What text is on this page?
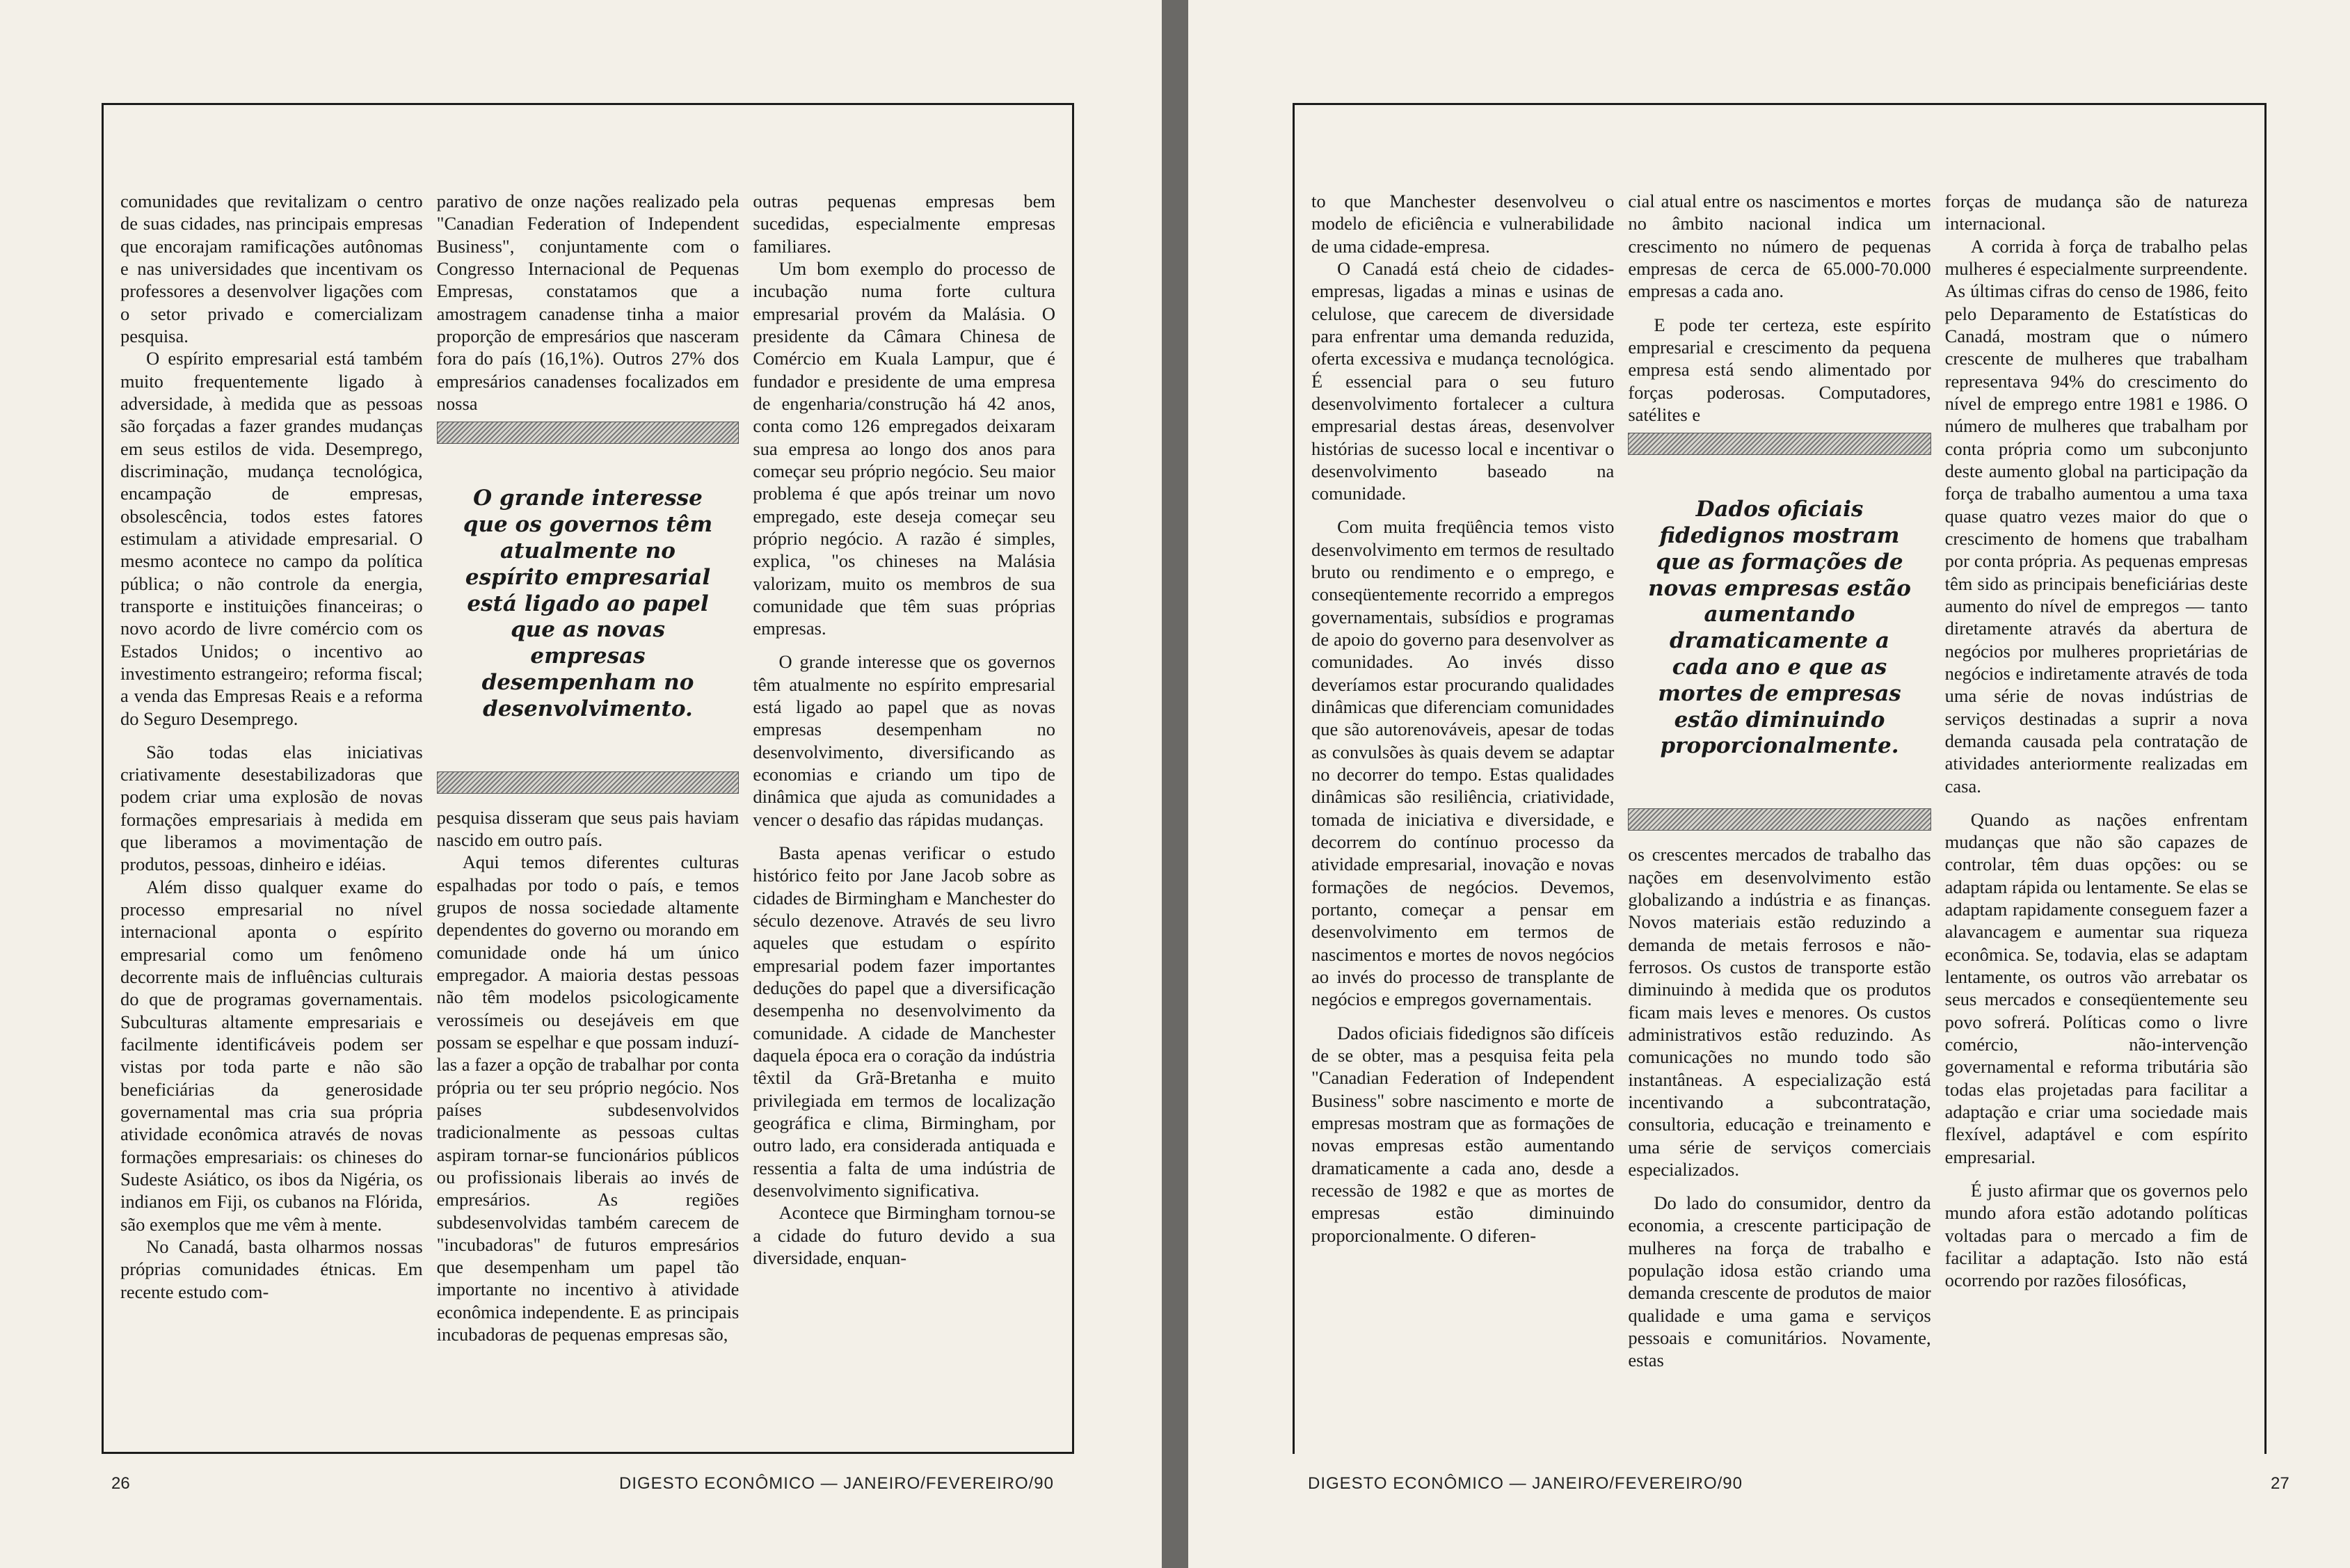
comunidades que revitalizam o centro de suas cidades, nas principais empresas que encorajam ramificações autônomas e nas universidades que incentivam os professores a desenvolver ligações com o setor privado e comercializam pesquisa.

O espírito empresarial está também muito frequentemente ligado à adversidade, à medida que as pessoas são forçadas a fazer grandes mudanças em seus estilos de vida. Desemprego, discriminação, mudança tecnológica, encampação de empresas, obsolescência, todos estes fatores estimulam a atividade empresarial. O mesmo acontece no campo da política pública; o não controle da energia, transporte e instituições financeiras; o novo acordo de livre comércio com os Estados Unidos; o incentivo ao investimento estrangeiro; reforma fiscal; a venda das Empresas Reais e a reforma do Seguro Desemprego.

São todas elas iniciativas criativamente desestabilizadoras que podem criar uma explosão de novas formações empresariais à medida em que liberamos a movimentação de produtos, pessoas, dinheiro e idéias.

Além disso qualquer exame do processo empresarial no nível internacional aponta o espírito empresarial como um fenômeno decorrente mais de influências culturais do que de programas governamentais. Subculturas altamente empresariais e facilmente identificáveis podem ser vistas por toda parte e não são beneficiárias da generosidade governamental mas cria sua própria atividade econômica através de novas formações empresariais: os chineses do Sudeste Asiático, os ibos da Nigéria, os indianos em Fiji, os cubanos na Flórida, são exemplos que me vêm à mente.

No Canadá, basta olharmos nossas próprias comunidades étnicas. Em recente estudo com-

parativo de onze nações realizado pela "Canadian Federation of Independent Business", conjuntamente com o Congresso Internacional de Pequenas Empresas, constatamos que a amostragem canadense tinha a maior proporção de empresários que nasceram fora do país (16,1%). Outros 27% dos empresários canadenses focalizados em nossa

O grande interesse que os governos têm atualmente no espírito empresarial está ligado ao papel que as novas empresas desempenham no desenvolvimento.

pesquisa disseram que seus pais haviam nascido em outro país.

Aqui temos diferentes culturas espalhadas por todo o país, e temos grupos de nossa sociedade altamente dependentes do governo ou morando em comunidade onde há um único empregador. A maioria destas pessoas não têm modelos psicologicamente verossímeis ou desejáveis em que possam se espelhar e que possam induzí-las a fazer a opção de trabalhar por conta própria ou ter seu próprio negócio. Nos países subdesenvolvidos tradicionalmente as pessoas cultas aspiram tornar-se funcionários públicos ou profissionais liberais ao invés de empresários. As regiões subdesenvolvidas também carecem de "incubadoras" de futuros empresários que desempenham um papel tão importante no incentivo à atividade econômica independente. E as principais incubadoras de pequenas empresas são,

outras pequenas empresas bem sucedidas, especialmente empresas familiares.

Um bom exemplo do processo de incubação numa forte cultura empresarial provém da Malásia. O presidente da Câmara Chinesa de Comércio em Kuala Lampur, que é fundador e presidente de uma empresa de engenharia/construção há 42 anos, conta como 126 empregados deixaram sua empresa ao longo dos anos para começar seu próprio negócio. Seu maior problema é que após treinar um novo empregado, este deseja começar seu próprio negócio. A razão é simples, explica, "os chineses na Malásia valorizam, muito os membros de sua comunidade que têm suas próprias empresas.

O grande interesse que os governos têm atualmente no espírito empresarial está ligado ao papel que as novas empresas desempenham no desenvolvimento, diversificando as economias e criando um tipo de dinâmica que ajuda as comunidades a vencer o desafio das rápidas mudanças.

Basta apenas verificar o estudo histórico feito por Jane Jacob sobre as cidades de Birmingham e Manchester do século dezenove. Através de seu livro aqueles que estudam o espírito empresarial podem fazer importantes deduções do papel que a diversificação desempenha no desenvolvimento da comunidade. A cidade de Manchester daquela época era o coração da indústria têxtil da Grã-Bretanha e muito privilegiada em termos de localização geográfica e clima, Birmingham, por outro lado, era considerada antiquada e ressentia a falta de uma indústria de desenvolvimento significativa.

Acontece que Birmingham tornou-se a cidade do futuro devido a sua diversidade, enquan-

26	DIGESTO ECONÔMICO — JANEIRO/FEVEREIRO/90

to que Manchester desenvolveu o modelo de eficiência e vulnerabilidade de uma cidade-empresa.

O Canadá está cheio de cidades-empresas, ligadas a minas e usinas de celulose, que carecem de diversidade para enfrentar uma demanda reduzida, oferta excessiva e mudança tecnológica. É essencial para o seu futuro desenvolvimento fortalecer a cultura empresarial destas áreas, desenvolver histórias de sucesso local e incentivar o desenvolvimento baseado na comunidade.

Com muita freqüência temos visto desenvolvimento em termos de resultado bruto ou rendimento e o emprego, e conseqüentemente recorrido a empregos governamentais, subsídios e programas de apoio do governo para desenvolver as comunidades. Ao invés disso deveríamos estar procurando qualidades dinâmicas que diferenciam comunidades que são autorenováveis, apesar de todas as convulsões às quais devem se adaptar no decorrer do tempo. Estas qualidades dinâmicas são resiliência, criatividade, tomada de iniciativa e diversidade, e decorrem do contínuo processo da atividade empresarial, inovação e novas formações de negócios. Devemos, portanto, começar a pensar em desenvolvimento em termos de nascimentos e mortes de novos negócios ao invés do processo de transplante de negócios e empregos governamentais.

Dados oficiais fidedignos são difíceis de se obter, mas a pesquisa feita pela "Canadian Federation of Independent Business" sobre nascimento e morte de empresas mostram que as formações de novas empresas estão aumentando dramaticamente a cada ano, desde a recessão de 1982 e que as mortes de empresas estão diminuindo proporcionalmente. O diferen-

cial atual entre os nascimentos e mortes no âmbito nacional indica um crescimento no número de pequenas empresas de cerca de 65.000-70.000 empresas a cada ano.

E pode ter certeza, este espírito empresarial e crescimento da pequena empresa está sendo alimentado por forças poderosas. Computadores, satélites e

Dados oficiais fidedignos mostram que as formações de novas empresas estão aumentando dramaticamente a cada ano e que as mortes de empresas estão diminuindo proporcionalmente.

os crescentes mercados de trabalho das nações em desenvolvimento estão globalizando a indústria e as finanças. Novos materiais estão reduzindo a demanda de metais ferrosos e não-ferrosos. Os custos de transporte estão diminuindo à medida que os produtos ficam mais leves e menores. Os custos administrativos estão reduzindo. As comunicações no mundo todo são instantâneas. A especialização está incentivando a subcontratação, consultoria, educação e treinamento e uma série de serviços comerciais especializados.

Do lado do consumidor, dentro da economia, a crescente participação de mulheres na força de trabalho e população idosa estão criando uma demanda crescente de produtos de maior qualidade e uma gama e serviços pessoais e comunitários. Novamente, estas

forças de mudança são de natureza internacional.

A corrida à força de trabalho pelas mulheres é especialmente surpreendente. As últimas cifras do censo de 1986, feito pelo Deparamento de Estatísticas do Canadá, mostram que o número crescente de mulheres que trabalham representava 94% do crescimento do nível de emprego entre 1981 e 1986. O número de mulheres que trabalham por conta própria como um subconjunto deste aumento global na participação da força de trabalho aumentou a uma taxa quase quatro vezes maior do que o crescimento de homens que trabalham por conta própria. As pequenas empresas têm sido as principais beneficiárias deste aumento do nível de empregos — tanto diretamente através da abertura de negócios por mulheres proprietárias de negócios e indiretamente através de toda uma série de novas indústrias de serviços destinadas a suprir a nova demanda causada pela contratação de atividades anteriormente realizadas em casa.

Quando as nações enfrentam mudanças que não são capazes de controlar, têm duas opções: ou se adaptam rápida ou lentamente. Se elas se adaptam rapidamente conseguem fazer a alavancagem e aumentar sua riqueza econômica. Se, todavia, elas se adaptam lentamente, os outros vão arrebatar os seus mercados e conseqüentemente seu povo sofrerá. Políticas como o livre comércio, não-intervenção governamental e reforma tributária são todas elas projetadas para facilitar a adaptação e criar uma sociedade mais flexível, adaptável e com espírito empresarial.

É justo afirmar que os governos pelo mundo afora estão adotando políticas voltadas para o mercado a fim de facilitar a adaptação. Isto não está ocorrendo por razões filosóficas,

DIGESTO ECONÔMICO — JANEIRO/FEVEREIRO/90	27
